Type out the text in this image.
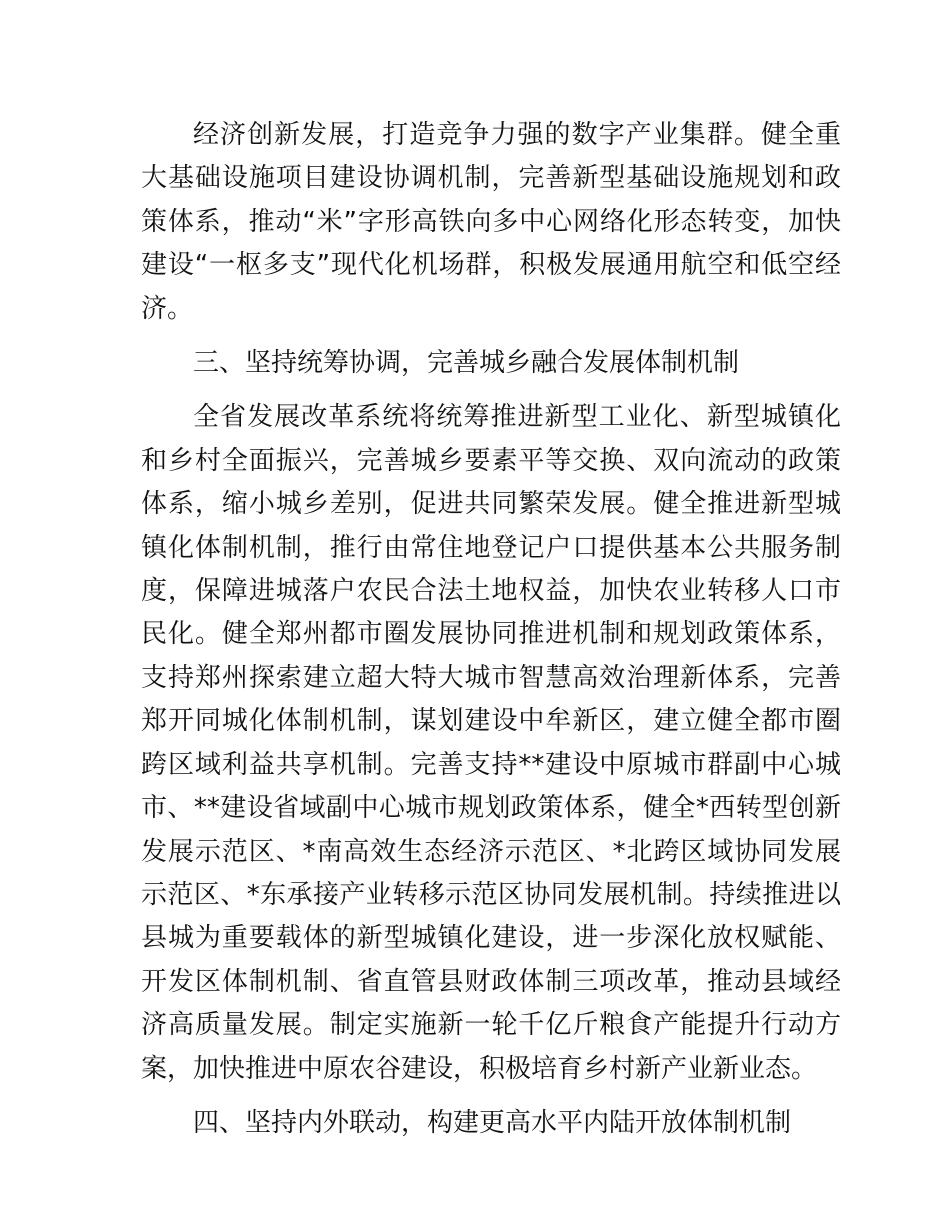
经济创新发展，打造竞争力强的数字产业集群。健全重大基础设施项目建设协调机制，完善新型基础设施规划和政策体系，推动“米”字形高铁向多中心网络化形态转变，加快建设“一枢多支”现代化机场群，积极发展通用航空和低空经济。

三、坚持统筹协调，完善城乡融合发展体制机制

全省发展改革系统将统筹推进新型工业化、新型城镇化和乡村全面振兴，完善城乡要素平等交换、双向流动的政策体系，缩小城乡差别，促进共同繁荣发展。健全推进新型城镇化体制机制，推行由常住地登记户口提供基本公共服务制度，保障进城落户农民合法土地权益，加快农业转移人口市民化。健全郑州都市圈发展协同推进机制和规划政策体系，支持郑州探索建立超大特大城市智慧高效治理新体系，完善郑开同城化体制机制，谋划建设中牟新区，建立健全都市圈跨区域利益共享机制。完善支持**建设中原城市群副中心城市、**建设省域副中心城市规划政策体系，健全*西转型创新发展示范区、*南高效生态经济示范区、*北跨区域协同发展示范区、*东承接产业转移示范区协同发展机制。持续推进以县城为重要载体的新型城镇化建设，进一步深化放权赋能、开发区体制机制、省直管县财政体制三项改革，推动县域经济高质量发展。制定实施新一轮千亿斤粮食产能提升行动方案，加快推进中原农谷建设，积极培育乡村新产业新业态。

四、坚持内外联动，构建更高水平内陆开放体制机制
